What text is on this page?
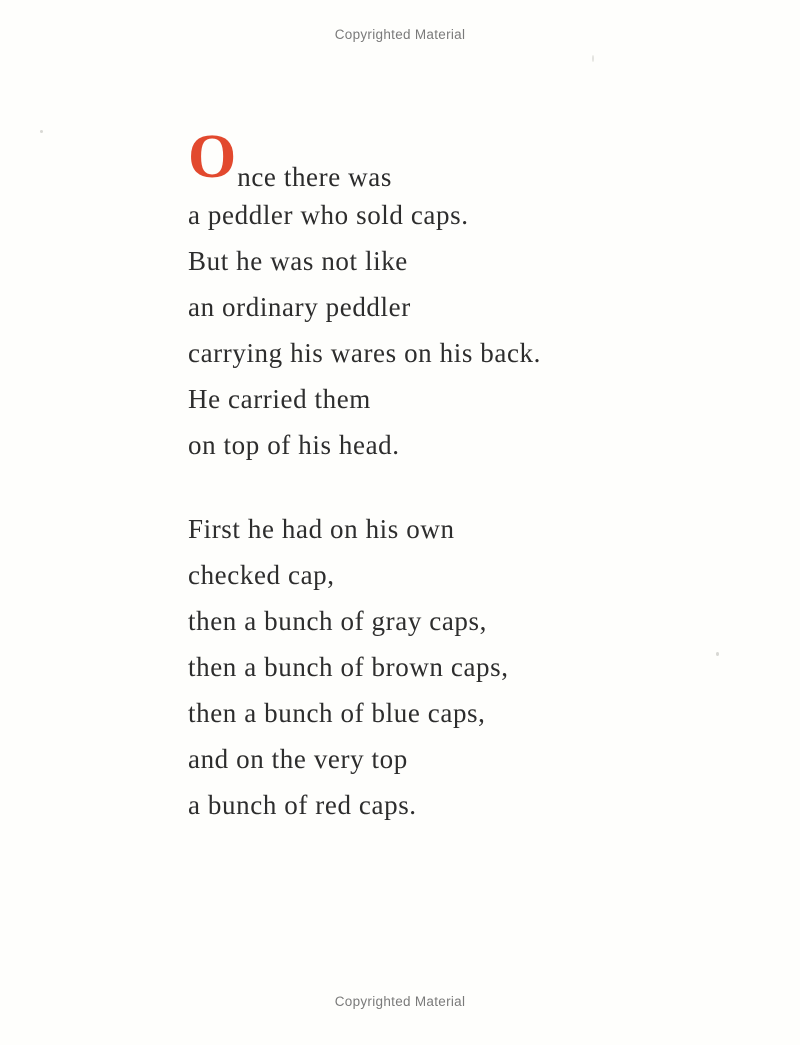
Copyrighted Material
O nce there was
a peddler who sold caps.
But he was not like
an ordinary peddler
carrying his wares on his back.
He carried them
on top of his head.
First he had on his own
checked cap,
then a bunch of gray caps,
then a bunch of brown caps,
then a bunch of blue caps,
and on the very top
a bunch of red caps.
Copyrighted Material
